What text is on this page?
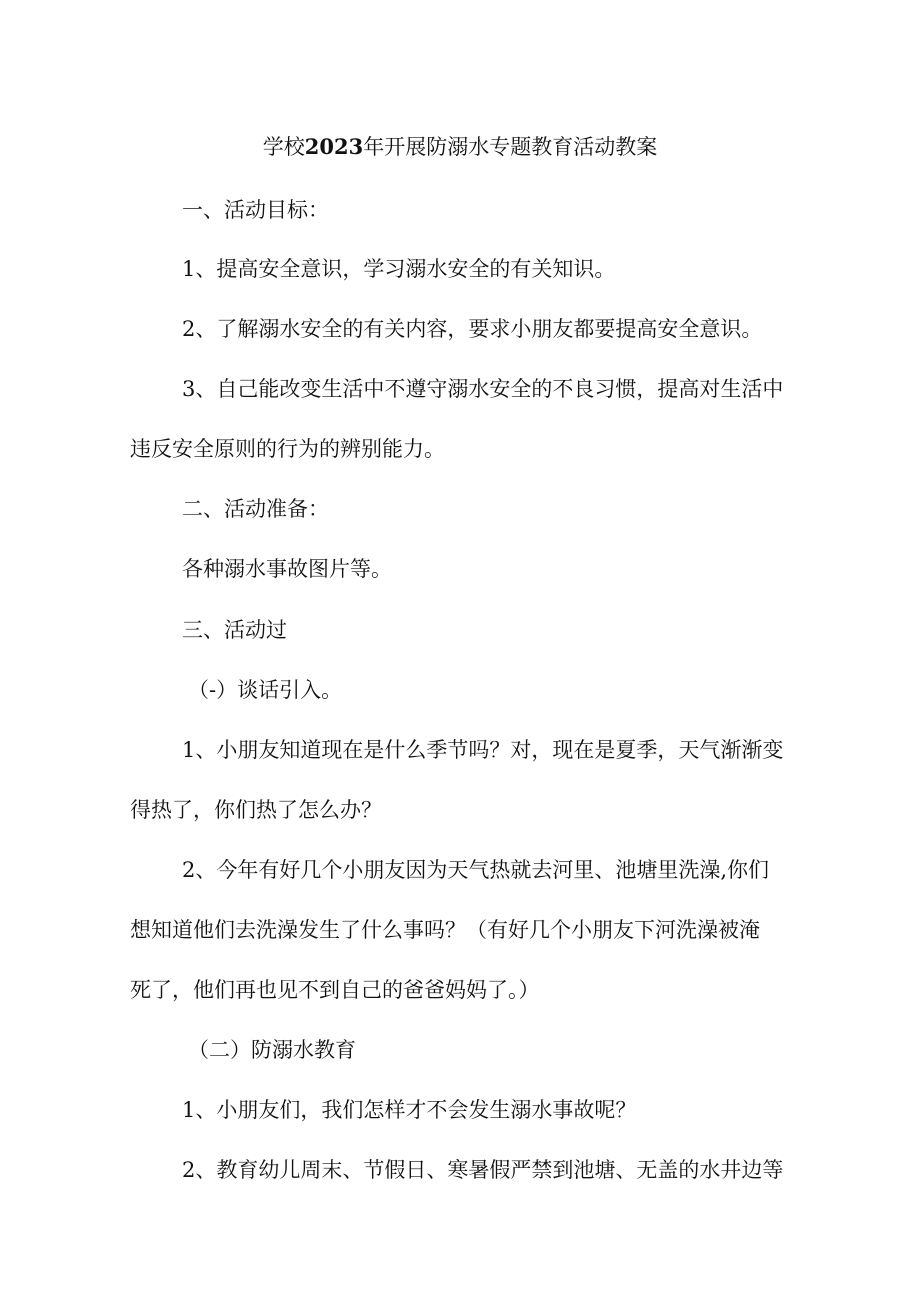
学校2023年开展防溺水专题教育活动教案
一、活动目标：
1、提高安全意识，学习溺水安全的有关知识。
2、了解溺水安全的有关内容，要求小朋友都要提高安全意识。
3、自己能改变生活中不遵守溺水安全的不良习惯，提高对生活中
违反安全原则的行为的辨别能力。
二、活动准备：
各种溺水事故图片等。
三、活动过
（-）谈话引入。
1、小朋友知道现在是什么季节吗？对，现在是夏季，天气渐渐变
得热了，你们热了怎么办？
2、今年有好几个小朋友因为天气热就去河里、池塘里洗澡,你们
想知道他们去洗澡发生了什么事吗？（有好几个小朋友下河洗澡被淹
死了，他们再也见不到自己的爸爸妈妈了。）
（二）防溺水教育
1、小朋友们，我们怎样才不会发生溺水事故呢？
2、教育幼儿周末、节假日、寒暑假严禁到池塘、无盖的水井边等
